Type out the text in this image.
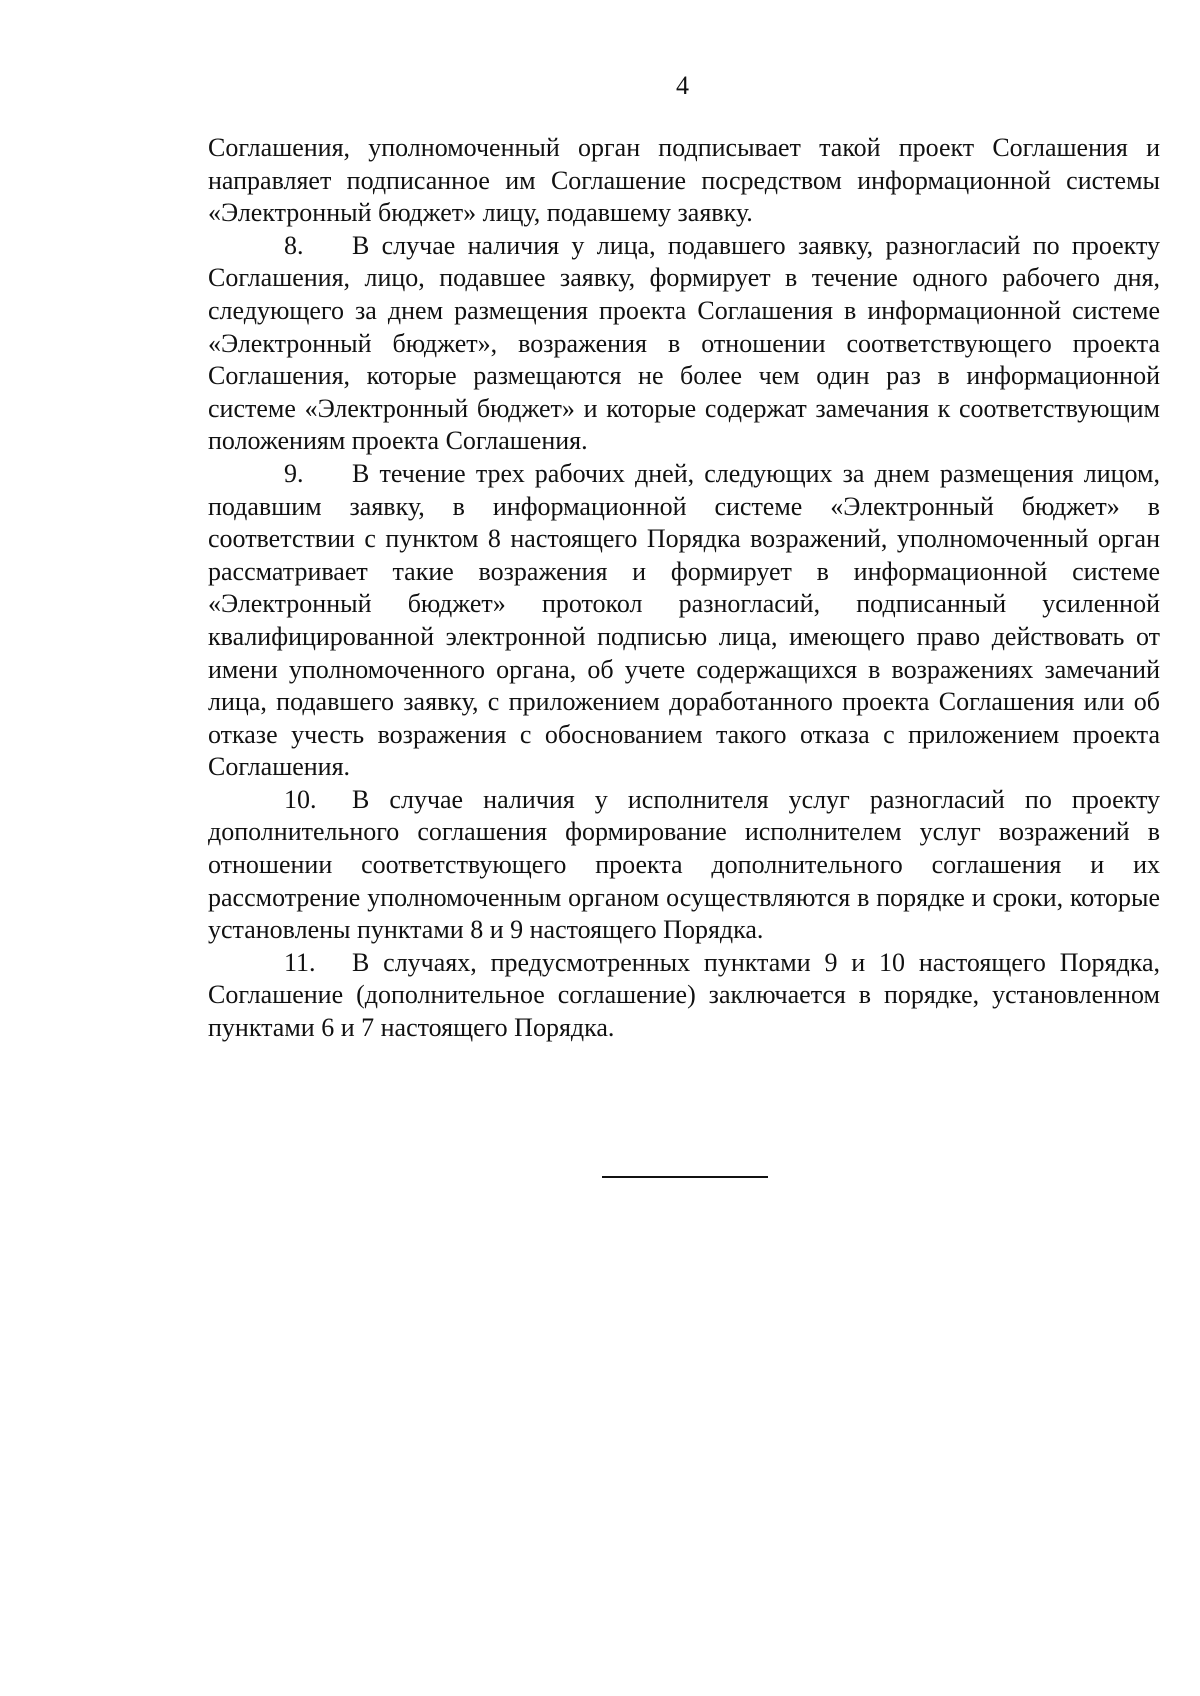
4

Соглашения, уполномоченный орган подписывает такой проект Соглашения и направляет подписанное им Соглашение посредством информационной системы «Электронный бюджет» лицу, подавшему заявку.

8. В случае наличия у лица, подавшего заявку, разногласий по проекту Соглашения, лицо, подавшее заявку, формирует в течение одного рабочего дня, следующего за днем размещения проекта Соглашения в информационной системе «Электронный бюджет», возражения в отношении соответствующего проекта Соглашения, которые размещаются не более чем один раз в информационной системе «Электронный бюджет» и которые содержат замечания к соответствующим положениям проекта Соглашения.

9. В течение трех рабочих дней, следующих за днем размещения лицом, подавшим заявку, в информационной системе «Электронный бюджет» в соответствии с пунктом 8 настоящего Порядка возражений, уполномоченный орган рассматривает такие возражения и формирует в информационной системе «Электронный бюджет» протокол разногласий, подписанный усиленной квалифицированной электронной подписью лица, имеющего право действовать от имени уполномоченного органа, об учете содержащихся в возражениях замечаний лица, подавшего заявку, с приложением доработанного проекта Соглашения или об отказе учесть возражения с обоснованием такого отказа с приложением проекта Соглашения.

10. В случае наличия у исполнителя услуг разногласий по проекту дополнительного соглашения формирование исполнителем услуг возражений в отношении соответствующего проекта дополнительного соглашения и их рассмотрение уполномоченным органом осуществляются в порядке и сроки, которые установлены пунктами 8 и 9 настоящего Порядка.

11. В случаях, предусмотренных пунктами 9 и 10 настоящего Порядка, Соглашение (дополнительное соглашение) заключается в порядке, установленном пунктами 6 и 7 настоящего Порядка.
